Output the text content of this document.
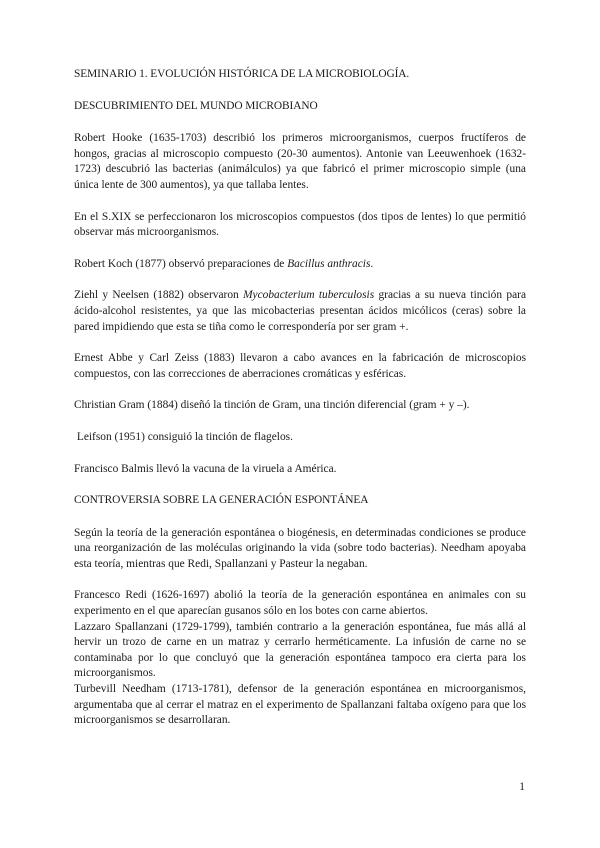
SEMINARIO 1. EVOLUCIÓN HISTÓRICA DE LA MICROBIOLOGÍA.

DESCUBRIMIENTO DEL MUNDO MICROBIANO

Robert Hooke (1635-1703) describió los primeros microorganismos, cuerpos fructíferos de hongos, gracias al microscopio compuesto (20-30 aumentos). Antonie van Leeuwenhoek (1632-1723) descubrió las bacterias (animálculos) ya que fabricó el primer microscopio simple (una única lente de 300 aumentos), ya que tallaba lentes.

En el S.XIX se perfeccionaron los microscopios compuestos (dos tipos de lentes) lo que permitió observar más microorganismos.

Robert Koch (1877) observó preparaciones de Bacillus anthracis.

Ziehl y Neelsen (1882) observaron Mycobacterium tuberculosis gracias a su nueva tinción para ácido-alcohol resistentes, ya que las micobacterias presentan ácidos micólicos (ceras) sobre la pared impidiendo que esta se tiña como le correspondería por ser gram +.

Ernest Abbe y Carl Zeiss (1883) llevaron a cabo avances en la fabricación de microscopios compuestos, con las correcciones de aberraciones cromáticas y esféricas.

Christian Gram (1884) diseñó la tinción de Gram, una tinción diferencial (gram + y –).

Leifson (1951) consiguió la tinción de flagelos.

Francisco Balmis llevó la vacuna de la viruela a América.

CONTROVERSIA SOBRE LA GENERACIÓN ESPONTÁNEA

Según la teoría de la generación espontánea o biogénesis, en determinadas condiciones se produce una reorganización de las moléculas originando la vida (sobre todo bacterias). Needham apoyaba esta teoría, mientras que Redi, Spallanzani y Pasteur la negaban.

Francesco Redi (1626-1697) abolió la teoría de la generación espontánea en animales con su experimento en el que aparecían gusanos sólo en los botes con carne abiertos.

Lazzaro Spallanzani (1729-1799), también contrario a la generación espontánea, fue más allá al hervir un trozo de carne en un matraz y cerrarlo herméticamente. La infusión de carne no se contaminaba por lo que concluyó que la generación espontánea tampoco era cierta para los microorganismos.

Turbevill Needham (1713-1781), defensor de la generación espontánea en microorganismos, argumentaba que al cerrar el matraz en el experimento de Spallanzani faltaba oxígeno para que los microorganismos se desarrollaran.

1
